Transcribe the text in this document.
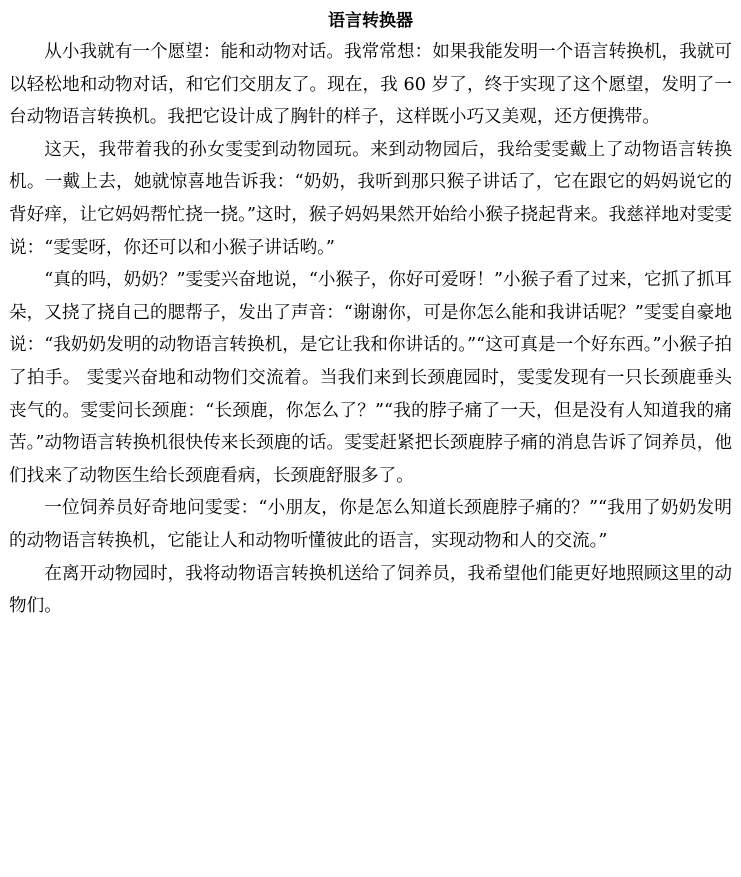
语言转换器

从小我就有一个愿望：能和动物对话。我常常想：如果我能发明一个语言转换机，我就可以轻松地和动物对话，和它们交朋友了。现在，我 60 岁了，终于实现了这个愿望，发明了一台动物语言转换机。我把它设计成了胸针的样子，这样既小巧又美观，还方便携带。

这天，我带着我的孙女雯雯到动物园玩。来到动物园后，我给雯雯戴上了动物语言转换机。一戴上去，她就惊喜地告诉我：“奶奶，我听到那只猴子讲话了，它在跟它的妈妈说它的背好痒，让它妈妈帮忙挠一挠。”这时，猴子妈妈果然开始给小猴子挠起背来。我慈祥地对雯雯说：“雯雯呀，你还可以和小猴子讲话哟。”

“真的吗，奶奶？”雯雯兴奋地说，“小猴子，你好可爱呀！”小猴子看了过来，它抓了抓耳朵，又挠了挠自己的腮帮子，发出了声音：“谢谢你，可是你怎么能和我讲话呢？”雯雯自豪地说：“我奶奶发明的动物语言转换机，是它让我和你讲话的。”“这可真是一个好东西。”小猴子拍了拍手。 雯雯兴奋地和动物们交流着。当我们来到长颈鹿园时，雯雯发现有一只长颈鹿垂头丧气的。雯雯问长颈鹿：“长颈鹿，你怎么了？”“我的脖子痛了一天，但是没有人知道我的痛苦。”动物语言转换机很快传来长颈鹿的话。雯雯赶紧把长颈鹿脖子痛的消息告诉了饲养员，他们找来了动物医生给长颈鹿看病，长颈鹿舒服多了。

一位饲养员好奇地问雯雯：“小朋友，你是怎么知道长颈鹿脖子痛的？”“我用了奶奶发明的动物语言转换机，它能让人和动物听懂彼此的语言，实现动物和人的交流。”

在离开动物园时，我将动物语言转换机送给了饲养员，我希望他们能更好地照顾这里的动物们。
